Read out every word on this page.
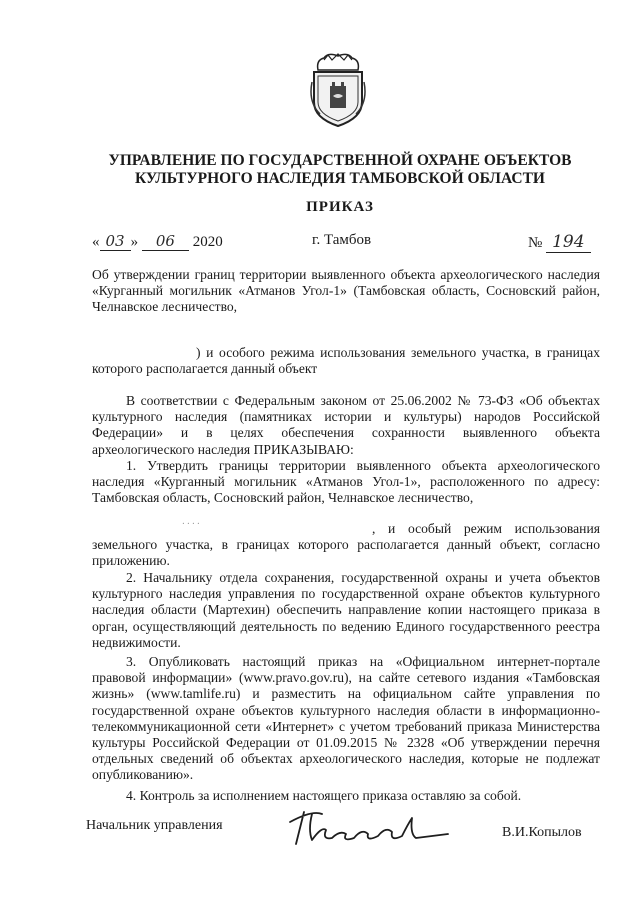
УПРАВЛЕНИЕ ПО ГОСУДАРСТВЕННОЙ ОХРАНЕ ОБЪЕКТОВ
КУЛЬТУРНОГО НАСЛЕДИЯ ТАМБОВСКОЙ ОБЛАСТИ
ПРИКАЗ
« 03 » 06 2020	г. Тамбов	№ 194
Об утверждении границ территории выявленного объекта археологического наследия «Курганный могильник «Атманов Угол-1» (Тамбовская область, Сосновский район, Челнавское лесничество,
) и особого режима использования земельного участка, в границах которого располагается данный объект
В соответствии с Федеральным законом от 25.06.2002 № 73-ФЗ «Об объектах культурного наследия (памятниках истории и культуры) народов Российской Федерации» и в целях обеспечения сохранности выявленного объекта археологического наследия ПРИКАЗЫВАЮ:
1. Утвердить границы территории выявленного объекта археологического наследия «Курганный могильник «Атманов Угол-1», расположенного по адресу: Тамбовская область, Сосновский район, Челнавское лесничество,
· · · ·	, и особый режим использования земельного участка, в границах которого располагается данный объект, согласно приложению.
2. Начальнику отдела сохранения, государственной охраны и учета объектов культурного наследия управления по государственной охране объектов культурного наследия области (Мартехин) обеспечить направление копии настоящего приказа в орган, осуществляющий деятельность по ведению Единого государственного реестра недвижимости.
3. Опубликовать настоящий приказ на «Официальном интернет-портале правовой информации» (www.pravo.gov.ru), на сайте сетевого издания «Тамбовская жизнь» (www.tamlife.ru) и разместить на официальном сайте управления по государственной охране объектов культурного наследия области в информационно-телекоммуникационной сети «Интернет» с учетом требований приказа Министерства культуры Российской Федерации от 01.09.2015 № 2328 «Об утверждении перечня отдельных сведений об объектах археологического наследия, которые не подлежат опубликованию».
4. Контроль за исполнением настоящего приказа оставляю за собой.
Начальник управления	В.И.Копылов
